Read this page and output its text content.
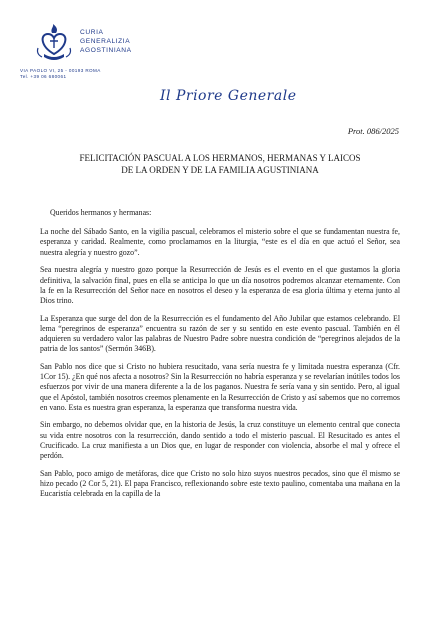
CURIA
GENERALIZIA
AGOSTINIANA
VIA PAOLO VI, 25 - 00193 ROMA
Tel. +39 06 680061
Il Priore Generale
Prot. 086/2025
FELICITACIÓN PASCUAL A LOS HERMANOS, HERMANAS Y LAICOS
DE LA ORDEN Y DE LA FAMILIA AGUSTINIANA

Queridos hermanos y hermanas:

La noche del Sábado Santo, en la vigilia pascual, celebramos el misterio sobre el que se fundamentan nuestra fe, esperanza y caridad. Realmente, como proclamamos en la liturgia, “este es el día en que actuó el Señor, sea nuestra alegría y nuestro gozo”.

Sea nuestra alegría y nuestro gozo porque la Resurrección de Jesús es el evento en el que gustamos la gloria definitiva, la salvación final, pues en ella se anticipa lo que un día nosotros podremos alcanzar eternamente. Con la fe en la Resurrección del Señor nace en nosotros el deseo y la esperanza de esa gloria última y eterna junto al Dios trino.

La Esperanza que surge del don de la Resurrección es el fundamento del Año Jubilar que estamos celebrando. El lema “peregrinos de esperanza” encuentra su razón de ser y su sentido en este evento pascual. También en él adquieren su verdadero valor las palabras de Nuestro Padre sobre nuestra condición de “peregrinos alejados de la patria de los santos” (Sermón 346B).

San Pablo nos dice que si Cristo no hubiera resucitado, vana sería nuestra fe y limitada nuestra esperanza (Cfr. 1Cor 15). ¿En qué nos afecta a nosotros? Sin la Resurrección no habría esperanza y se revelarían inútiles todos los esfuerzos por vivir de una manera diferente a la de los paganos. Nuestra fe sería vana y sin sentido. Pero, al igual que el Apóstol, también nosotros creemos plenamente en la Resurrección de Cristo y así sabemos que no corremos en vano. Esta es nuestra gran esperanza, la esperanza que transforma nuestra vida.

Sin embargo, no debemos olvidar que, en la historia de Jesús, la cruz constituye un elemento central que conecta su vida entre nosotros con la resurrección, dando sentido a todo el misterio pascual. El Resucitado es antes el Crucificado. La cruz manifiesta a un Dios que, en lugar de responder con violencia, absorbe el mal y ofrece el perdón.

San Pablo, poco amigo de metáforas, dice que Cristo no solo hizo suyos nuestros pecados, sino que él mismo se hizo pecado (2 Cor 5, 21). El papa Francisco, reflexionando sobre este texto paulino, comentaba una mañana en la Eucaristía celebrada en la capilla de la
